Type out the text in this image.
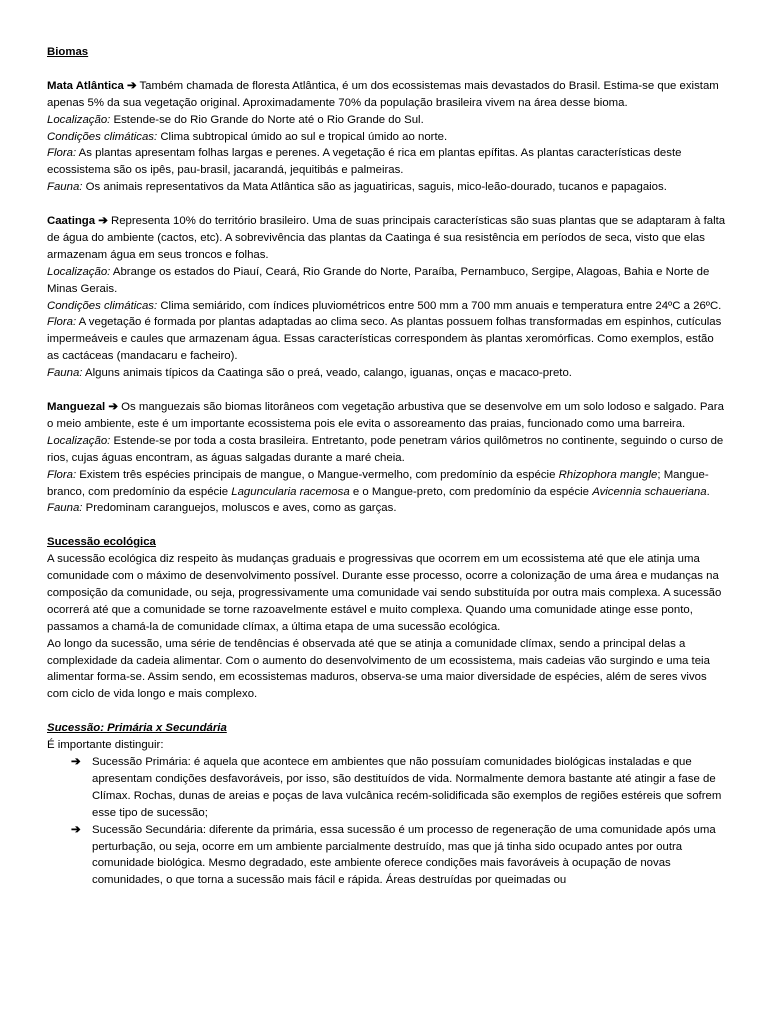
Biomas

Mata Atlântica ➔ Também chamada de floresta Atlântica, é um dos ecossistemas mais devastados do Brasil. Estima-se que existam apenas 5% da sua vegetação original. Aproximadamente 70% da população brasileira vivem na área desse bioma.

Localização: Estende-se do Rio Grande do Norte até o Rio Grande do Sul.

Condições climáticas: Clima subtropical úmido ao sul e tropical úmido ao norte.

Flora: As plantas apresentam folhas largas e perenes. A vegetação é rica em plantas epífitas. As plantas características deste ecossistema são os ipês, pau-brasil, jacarandá, jequitibás e palmeiras.

Fauna: Os animais representativos da Mata Atlântica são as jaguatiricas, saguis, mico-leão-dourado, tucanos e papagaios.

Caatinga ➔ Representa 10% do território brasileiro. Uma de suas principais características são suas plantas que se adaptaram à falta de água do ambiente (cactos, etc). A sobrevivência das plantas da Caatinga é sua resistência em períodos de seca, visto que elas armazenam água em seus troncos e folhas.

Localização: Abrange os estados do Piauí, Ceará, Rio Grande do Norte, Paraíba, Pernambuco, Sergipe, Alagoas, Bahia e Norte de Minas Gerais.

Condições climáticas: Clima semiárido, com índices pluviométricos entre 500 mm a 700 mm anuais e temperatura entre 24ºC a 26ºC.

Flora: A vegetação é formada por plantas adaptadas ao clima seco. As plantas possuem folhas transformadas em espinhos, cutículas impermeáveis e caules que armazenam água. Essas características correspondem às plantas xeromórficas. Como exemplos, estão as cactáceas (mandacaru e facheiro).

Fauna: Alguns animais típicos da Caatinga são o preá, veado, calango, iguanas, onças e macaco-preto.

Manguezal ➔ Os manguezais são biomas litorâneos com vegetação arbustiva que se desenvolve em um solo lodoso e salgado. Para o meio ambiente, este é um importante ecossistema pois ele evita o assoreamento das praias, funcionado como uma barreira.

Localização: Estende-se por toda a costa brasileira. Entretanto, pode penetram vários quilômetros no continente, seguindo o curso de rios, cujas águas encontram, as águas salgadas durante a maré cheia.

Flora: Existem três espécies principais de mangue, o Mangue-vermelho, com predomínio da espécie Rhizophora mangle; Mangue-branco, com predomínio da espécie Laguncularia racemosa e o Mangue-preto, com predomínio da espécie Avicennia schaueriana.

Fauna: Predominam caranguejos, moluscos e aves, como as garças.

Sucessão ecológica

A sucessão ecológica diz respeito às mudanças graduais e progressivas que ocorrem em um ecossistema até que ele atinja uma comunidade com o máximo de desenvolvimento possível. Durante esse processo, ocorre a colonização de uma área e mudanças na composição da comunidade, ou seja, progressivamente uma comunidade vai sendo substituída por outra mais complexa. A sucessão ocorrerá até que a comunidade se torne razoavelmente estável e muito complexa. Quando uma comunidade atinge esse ponto, passamos a chamá-la de comunidade clímax, a última etapa de uma sucessão ecológica.

Ao longo da sucessão, uma série de tendências é observada até que se atinja a comunidade clímax, sendo a principal delas a complexidade da cadeia alimentar. Com o aumento do desenvolvimento de um ecossistema, mais cadeias vão surgindo e uma teia alimentar forma-se. Assim sendo, em ecossistemas maduros, observa-se uma maior diversidade de espécies, além de seres vivos com ciclo de vida longo e mais complexo.

Sucessão: Primária x Secundária

É importante distinguir:

➔ Sucessão Primária: é aquela que acontece em ambientes que não possuíam comunidades biológicas instaladas e que apresentam condições desfavoráveis, por isso, são destituídos de vida. Normalmente demora bastante até atingir a fase de Clímax. Rochas, dunas de areias e poças de lava vulcânica recém-solidificada são exemplos de regiões estéreis que sofrem esse tipo de sucessão;
➔ Sucessão Secundária: diferente da primária, essa sucessão é um processo de regeneração de uma comunidade após uma perturbação, ou seja, ocorre em um ambiente parcialmente destruído, mas que já tinha sido ocupado antes por outra comunidade biológica. Mesmo degradado, este ambiente oferece condições mais favoráveis à ocupação de novas comunidades, o que torna a sucessão mais fácil e rápida. Áreas destruídas por queimadas ou
